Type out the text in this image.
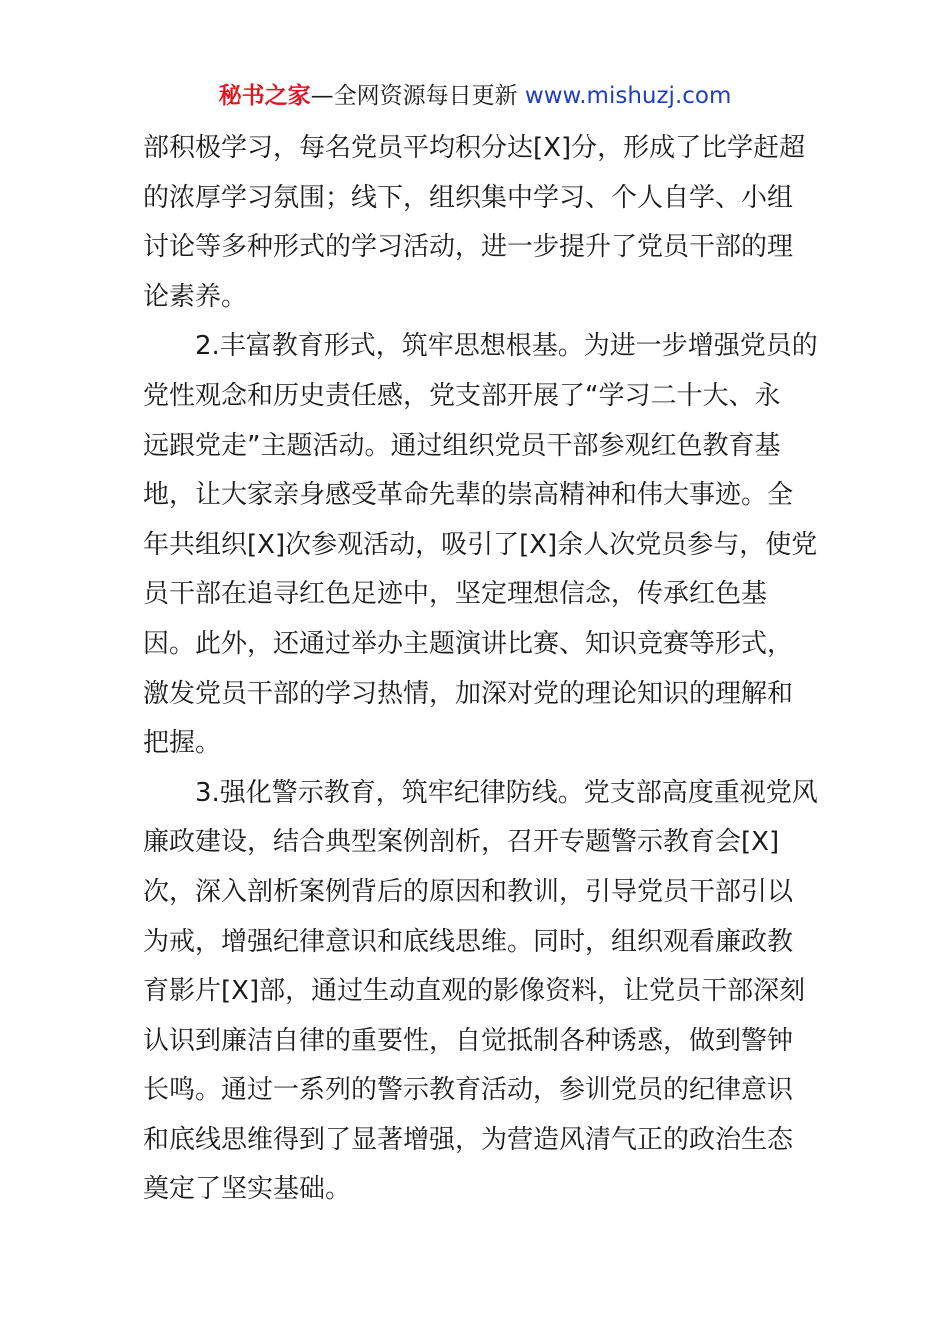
秘书之家—全网资源每日更新 www.mishuzj.com
部积极学习，每名党员平均积分达[X]分，形成了比学赶超
的浓厚学习氛围；线下，组织集中学习、个人自学、小组
讨论等多种形式的学习活动，进一步提升了党员干部的理
论素养。
2.丰富教育形式，筑牢思想根基。为进一步增强党员的
党性观念和历史责任感，党支部开展了“学习二十大、永
远跟党走”主题活动。通过组织党员干部参观红色教育基
地，让大家亲身感受革命先辈的崇高精神和伟大事迹。全
年共组织[X]次参观活动，吸引了[X]余人次党员参与，使党
员干部在追寻红色足迹中，坚定理想信念，传承红色基
因。此外，还通过举办主题演讲比赛、知识竞赛等形式，
激发党员干部的学习热情，加深对党的理论知识的理解和
把握。
3.强化警示教育，筑牢纪律防线。党支部高度重视党风
廉政建设，结合典型案例剖析，召开专题警示教育会[X]
次，深入剖析案例背后的原因和教训，引导党员干部引以
为戒，增强纪律意识和底线思维。同时，组织观看廉政教
育影片[X]部，通过生动直观的影像资料，让党员干部深刻
认识到廉洁自律的重要性，自觉抵制各种诱惑，做到警钟
长鸣。通过一系列的警示教育活动，参训党员的纪律意识
和底线思维得到了显著增强，为营造风清气正的政治生态
奠定了坚实基础。
